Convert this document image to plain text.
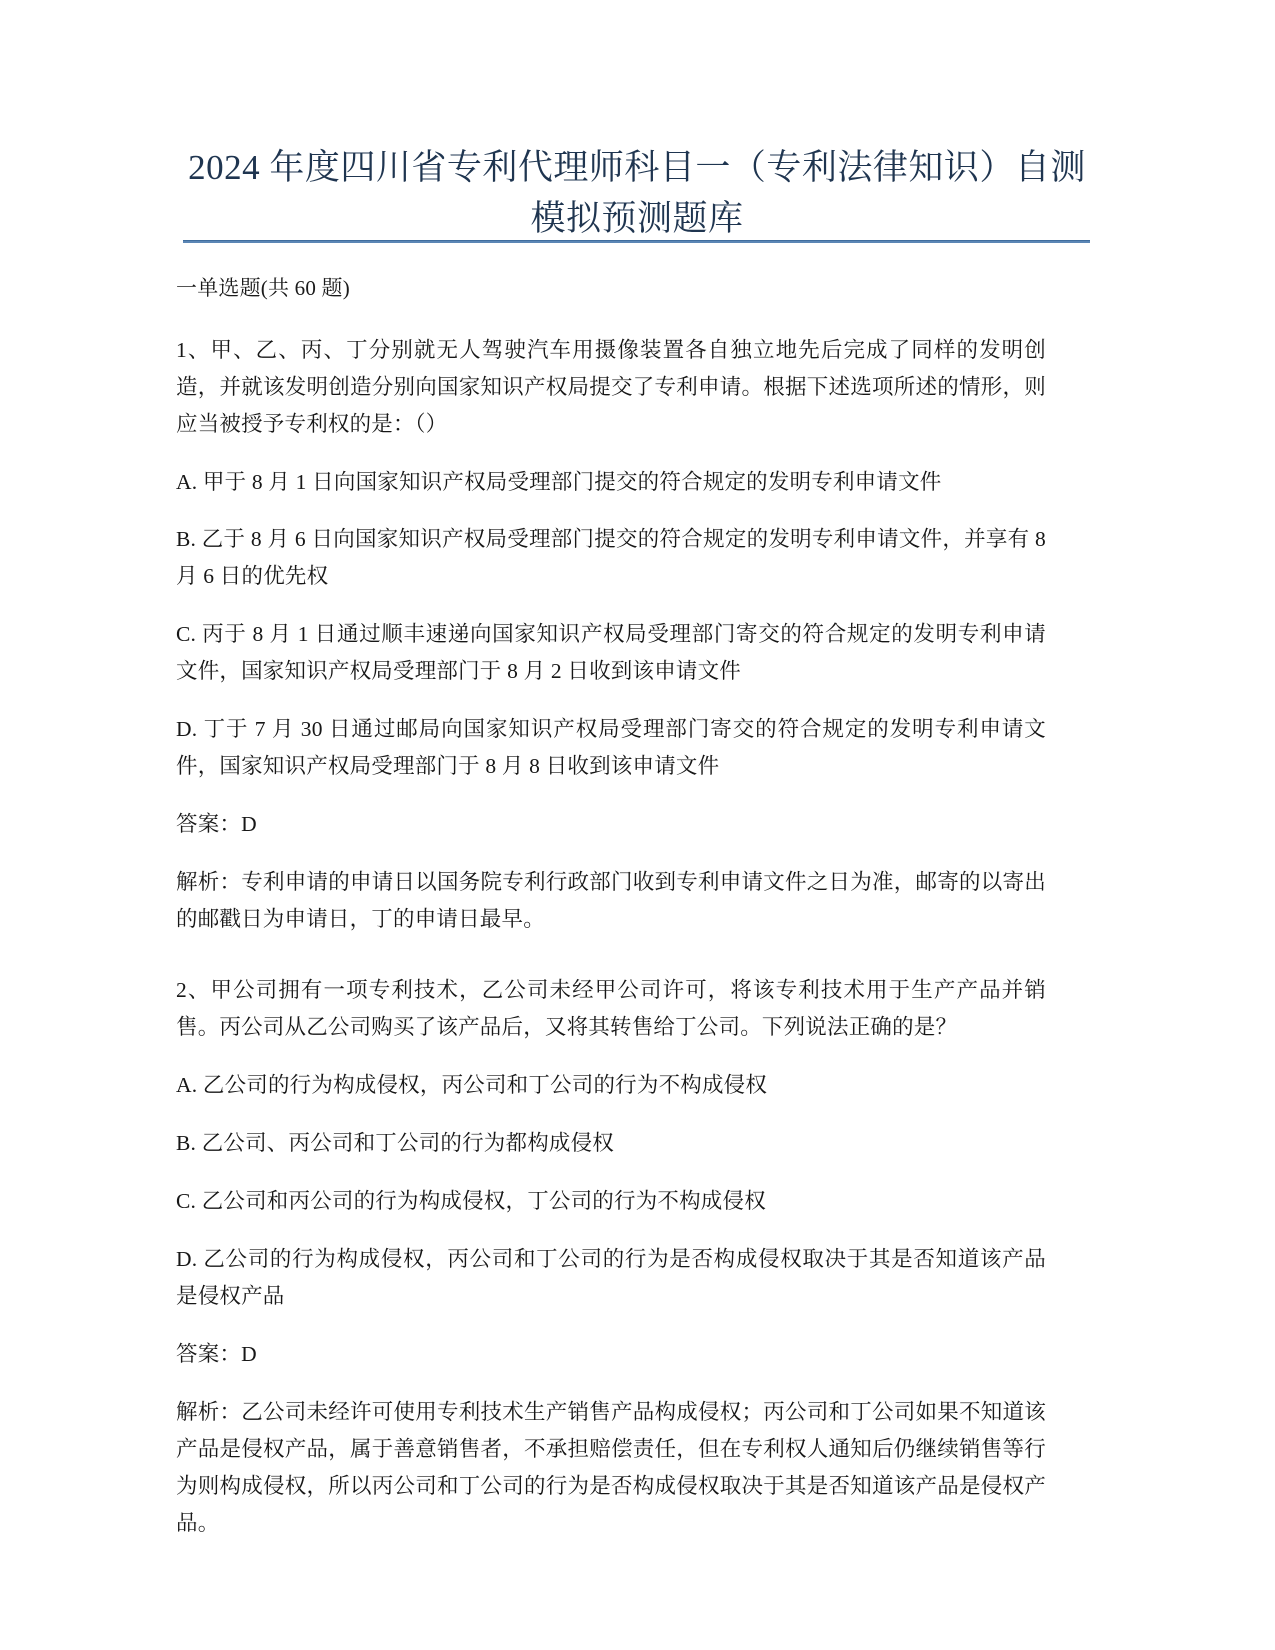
2024 年度四川省专利代理师科目一（专利法律知识）自测模拟预测题库

一单选题(共 60 题)

1、甲、乙、丙、丁分别就无人驾驶汽车用摄像装置各自独立地先后完成了同样的发明创造，并就该发明创造分别向国家知识产权局提交了专利申请。根据下述选项所述的情形，则应当被授予专利权的是：（）

A. 甲于 8 月 1 日向国家知识产权局受理部门提交的符合规定的发明专利申请文件

B. 乙于 8 月 6 日向国家知识产权局受理部门提交的符合规定的发明专利申请文件，并享有 8 月 6 日的优先权

C. 丙于 8 月 1 日通过顺丰速递向国家知识产权局受理部门寄交的符合规定的发明专利申请文件，国家知识产权局受理部门于 8 月 2 日收到该申请文件

D. 丁于 7 月 30 日通过邮局向国家知识产权局受理部门寄交的符合规定的发明专利申请文件，国家知识产权局受理部门于 8 月 8 日收到该申请文件

答案：D

解析：专利申请的申请日以国务院专利行政部门收到专利申请文件之日为准，邮寄的以寄出的邮戳日为申请日，丁的申请日最早。

2、甲公司拥有一项专利技术，乙公司未经甲公司许可，将该专利技术用于生产产品并销售。丙公司从乙公司购买了该产品后，又将其转售给丁公司。下列说法正确的是？

A. 乙公司的行为构成侵权，丙公司和丁公司的行为不构成侵权

B. 乙公司、丙公司和丁公司的行为都构成侵权

C. 乙公司和丙公司的行为构成侵权，丁公司的行为不构成侵权

D. 乙公司的行为构成侵权，丙公司和丁公司的行为是否构成侵权取决于其是否知道该产品是侵权产品

答案：D

解析：乙公司未经许可使用专利技术生产销售产品构成侵权；丙公司和丁公司如果不知道该产品是侵权产品，属于善意销售者，不承担赔偿责任，但在专利权人通知后仍继续销售等行为则构成侵权，所以丙公司和丁公司的行为是否构成侵权取决于其是否知道该产品是侵权产品。
